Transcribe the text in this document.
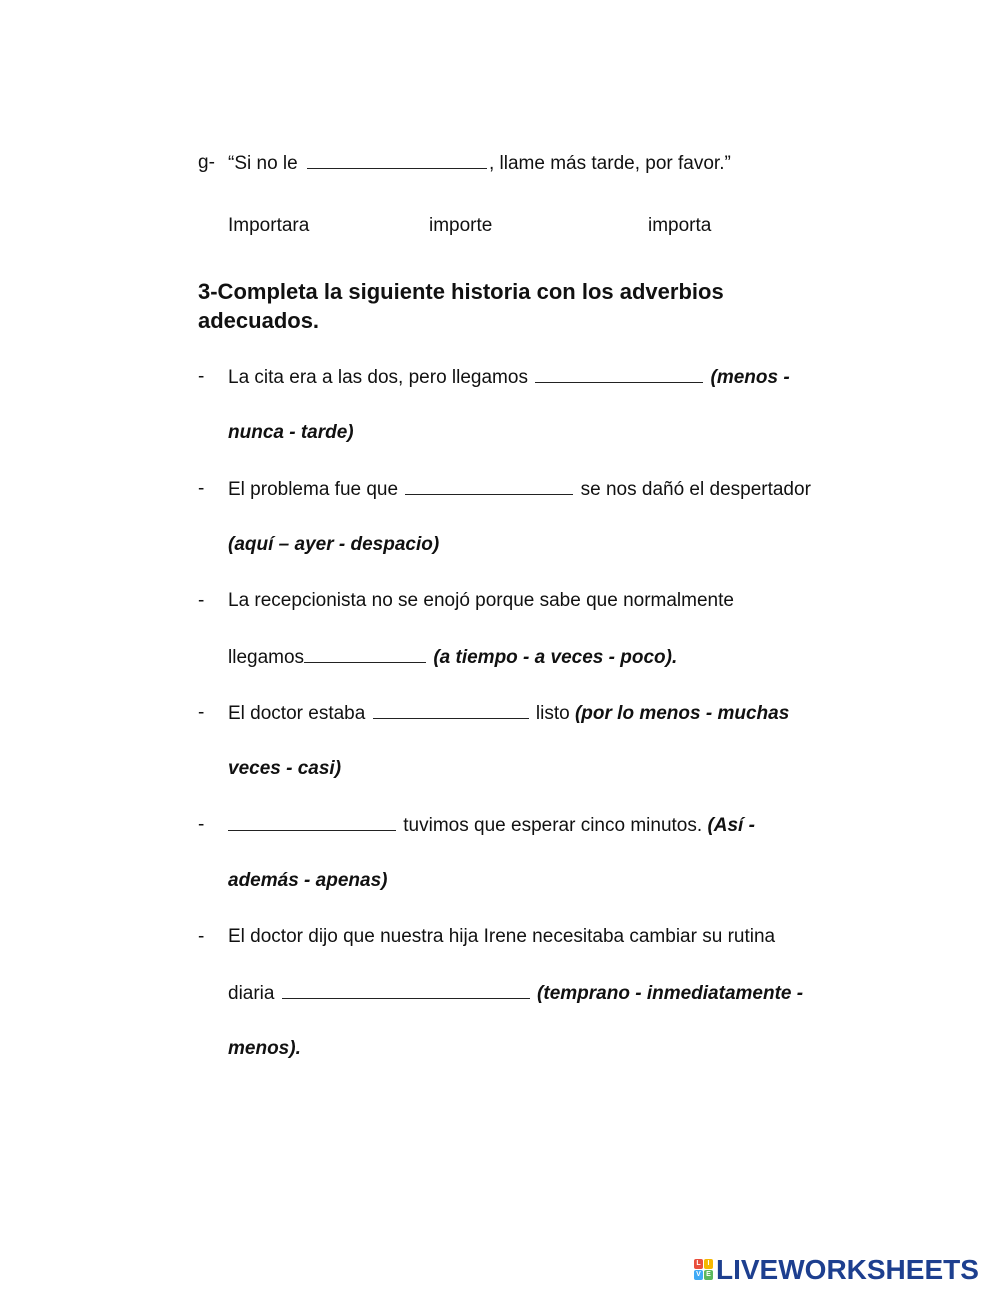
g- “Si no le	, llame más tarde, por favor.”
Importara	importe	importa
3-Completa la siguiente historia con los adverbios adecuados.
- La cita era a las dos, pero llegamos	(menos -
nunca - tarde)
- El problema fue que	se nos dañó el despertador
(aquí – ayer - despacio)
- La recepcionista no se enojó porque sabe que normalmente
llegamos	(a tiempo - a veces - poco).
- El doctor estaba	listo (por lo menos - muchas
veces - casi)
-	tuvimos que esperar cinco minutos. (Así -
además - apenas)
- El doctor dijo que nuestra hija Irene necesitaba cambiar su rutina
diaria	(temprano - inmediatamente -
menos).
L I
V E LIVEWORKSHEETS
